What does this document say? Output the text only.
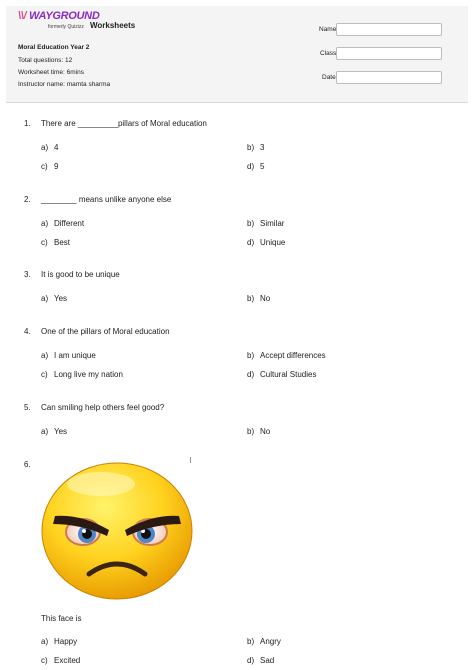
\\/ WAYGROUND
formerly Quizizz Worksheets
Moral Education Year 2
Total questions: 12
Worksheet time: 6mins
Instructor name: mamta sharma
Name
Class
Date
1. There are _________pillars of Moral education
a) 4	b) 3
c) 9	d) 5
2. ________ means unlike anyone else
a) Different	b) Similar
c) Best	d) Unique
3. It is good to be unique
a) Yes	b) No
4. One of the pillars of Moral education
a) I am unique	b) Accept differences
c) Long live my nation	d) Cultural Studies
5. Can smiling help others feel good?
a) Yes	b) No
6.
This face is
a) Happy	b) Angry
c) Excited	d) Sad
